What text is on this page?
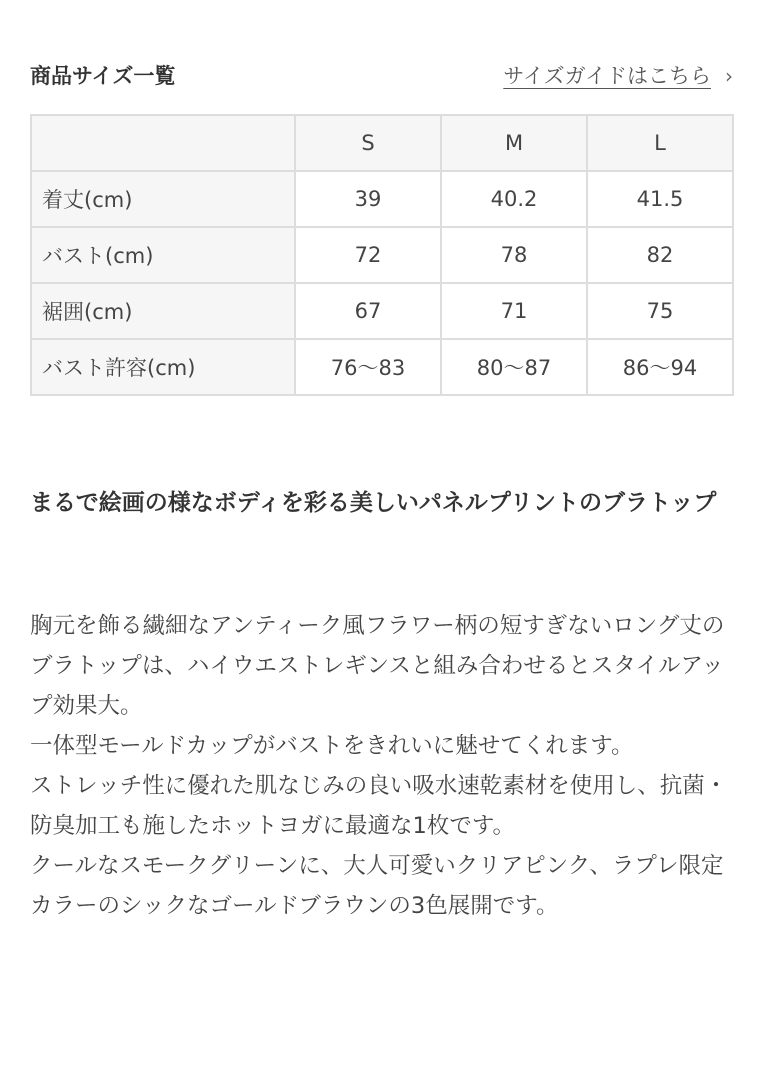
商品サイズ一覧	サイズガイドはこちら ›
	S	M	L
着丈(cm)	39	40.2	41.5
バスト(cm)	72	78	82
裾囲(cm)	67	71	75
バスト許容(cm)	76〜83	80〜87	86〜94
まるで絵画の様なボディを彩る美しいパネルプリントのブラトップ

胸元を飾る繊細なアンティーク風フラワー柄の短すぎないロング丈のブラトップは、ハイウエストレギンスと組み合わせるとスタイルアップ効果大。

一体型モールドカップがバストをきれいに魅せてくれます。

ストレッチ性に優れた肌なじみの良い吸水速乾素材を使用し、抗菌・防臭加工も施したホットヨガに最適な1枚です。

クールなスモークグリーンに、大人可愛いクリアピンク、ラプレ限定カラーのシックなゴールドブラウンの3色展開です。
